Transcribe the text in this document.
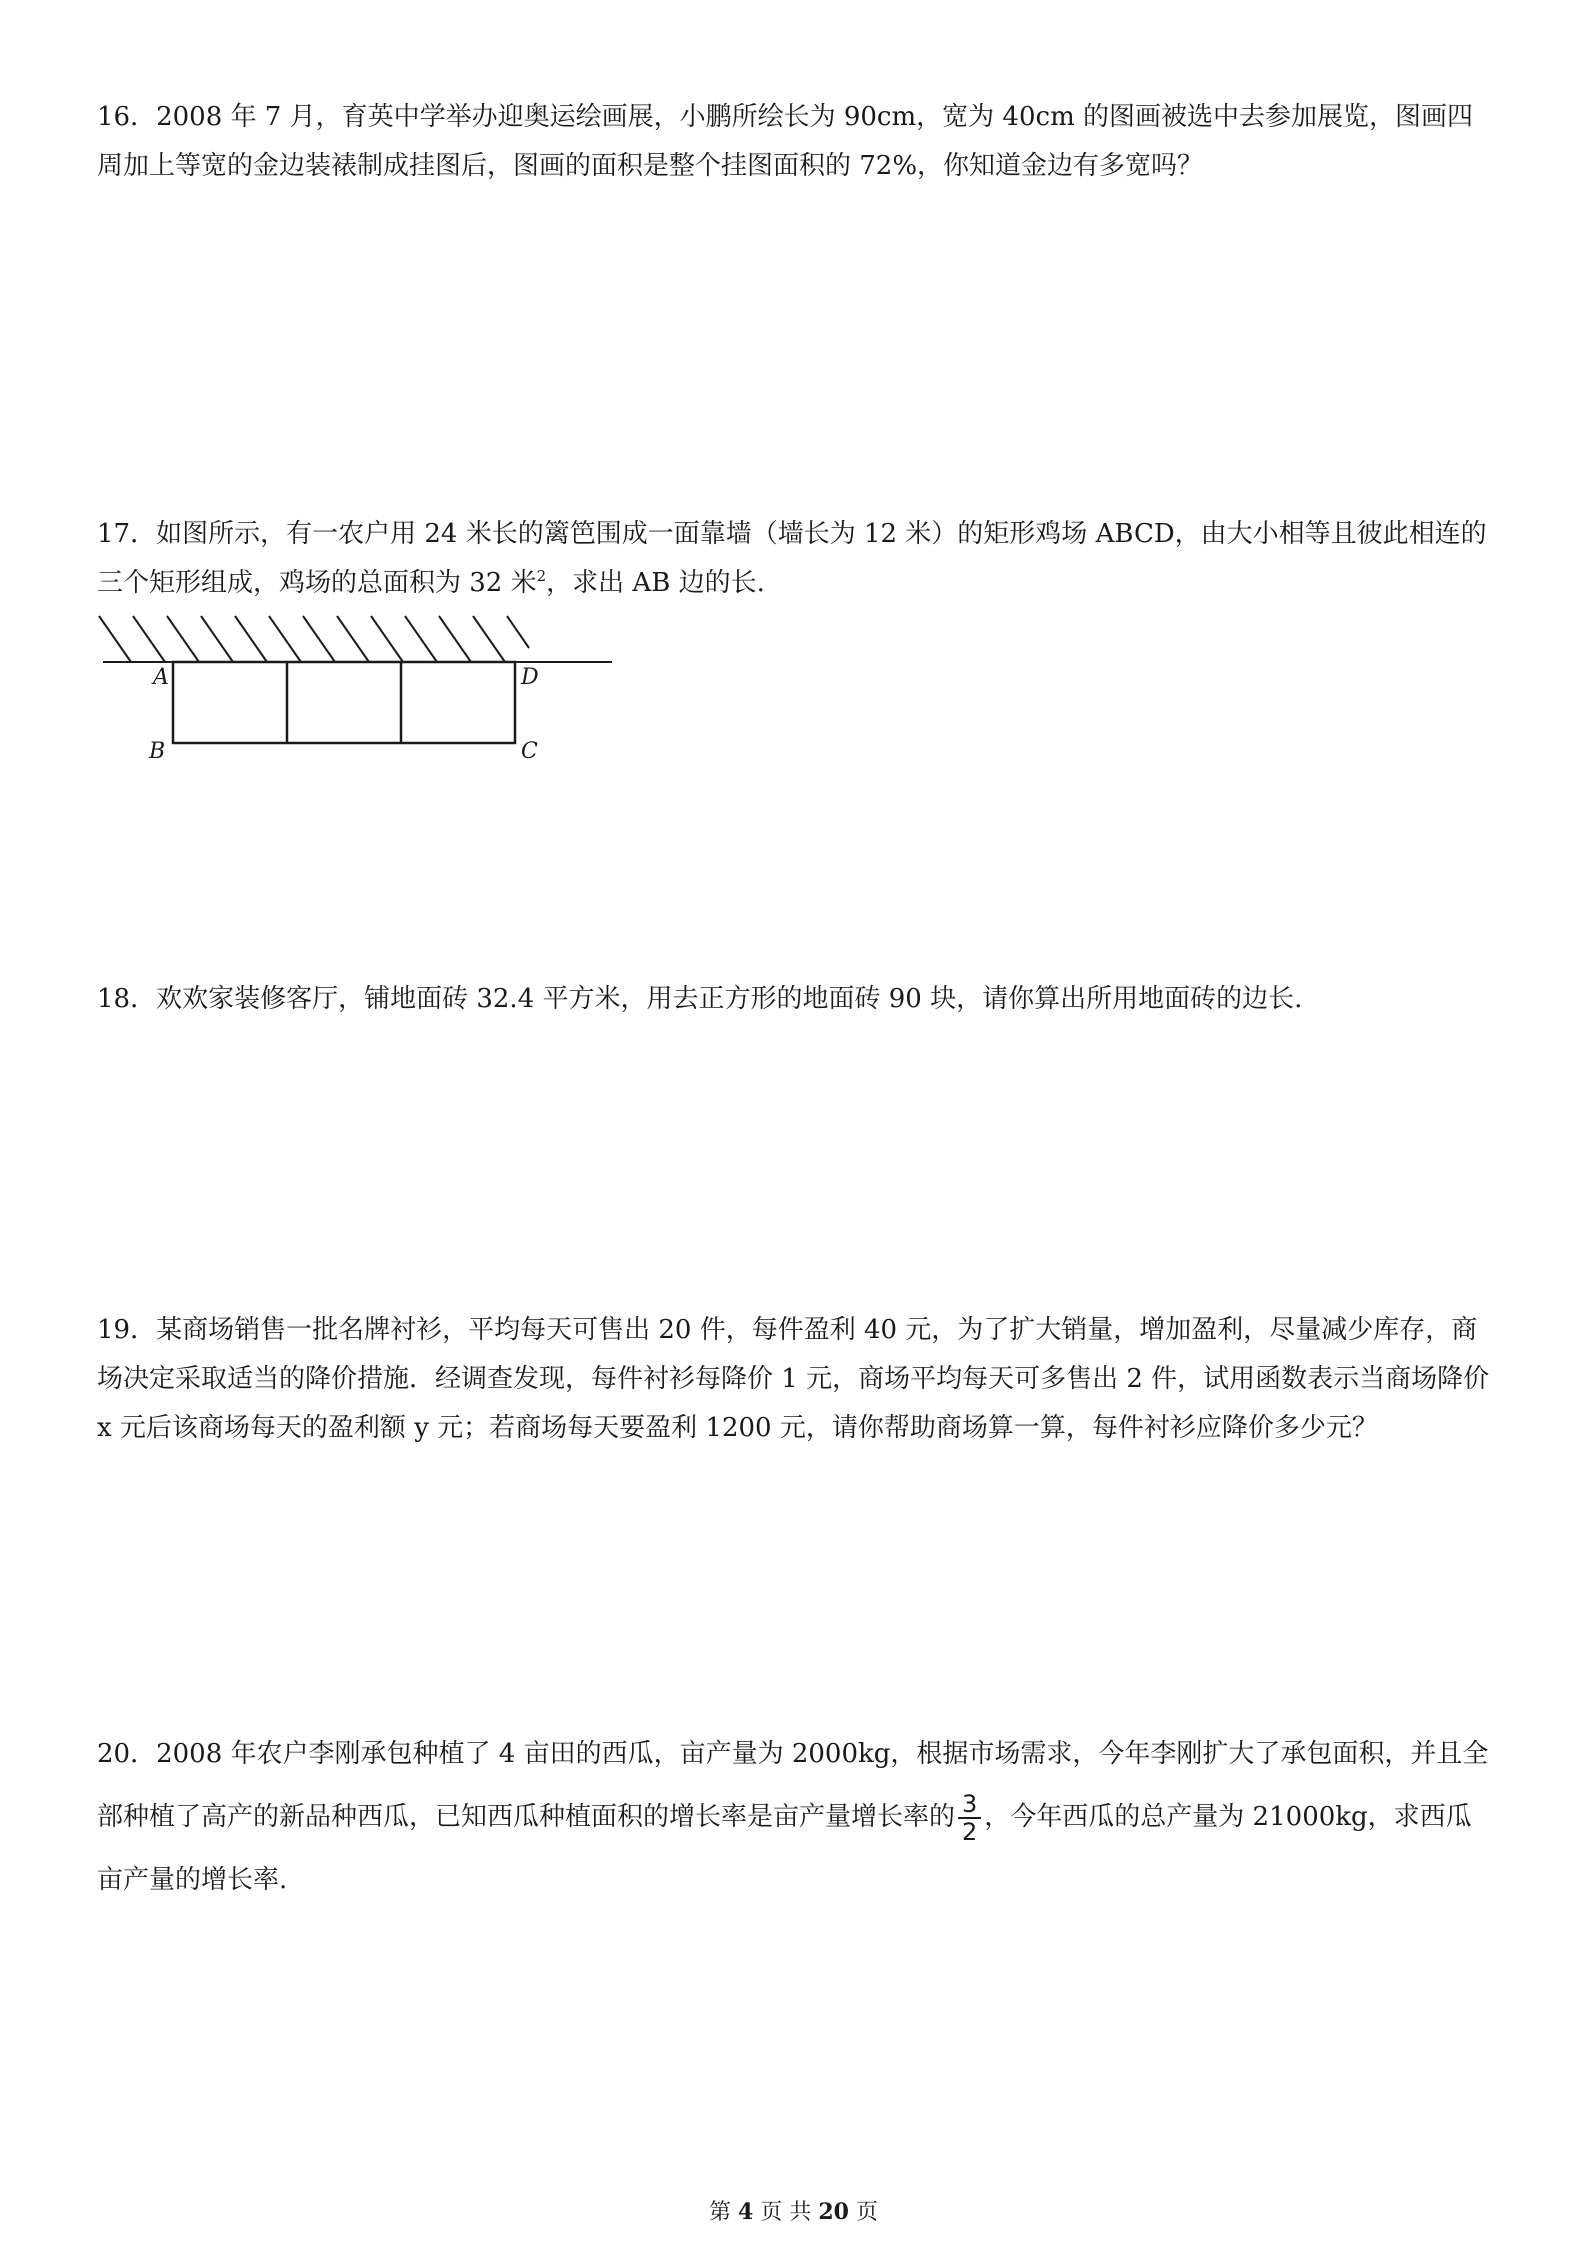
16．2008 年 7 月，育英中学举办迎奥运绘画展，小鹏所绘长为 90cm，宽为 40cm 的图画被选中去参加展览，图画四周加上等宽的金边装裱制成挂图后，图画的面积是整个挂图面积的 72%，你知道金边有多宽吗？

17．如图所示，有一农户用 24 米长的篱笆围成一面靠墙（墙长为 12 米）的矩形鸡场 ABCD，由大小相等且彼此相连的三个矩形组成，鸡场的总面积为 32 米$^2$，求出 AB 边的长.

A
B	C
D

18．欢欢家装修客厅，铺地面砖 32.4 平方米，用去正方形的地面砖 90 块，请你算出所用地面砖的边长.

19．某商场销售一批名牌衬衫，平均每天可售出 20 件，每件盈利 40 元，为了扩大销量，增加盈利，尽量减少库存，商场决定采取适当的降价措施．经调查发现，每件衬衫每降价 1 元，商场平均每天可多售出 2 件，试用函数表示当商场降价 x 元后该商场每天的盈利额 y 元；若商场每天要盈利 1200 元，请你帮助商场算一算，每件衬衫应降价多少元？

20．2008 年农户李刚承包种植了 4 亩田的西瓜，亩产量为 2000kg，根据市场需求，今年李刚扩大了承包面积，并且全部种植了高产的新品种西瓜，已知西瓜种植面积的增长率是亩产量增长率的 $\frac{3}{2}$ ，今年西瓜的总产量为 21000kg，求西瓜亩产量的增长率.

第 4 页 共 20 页
